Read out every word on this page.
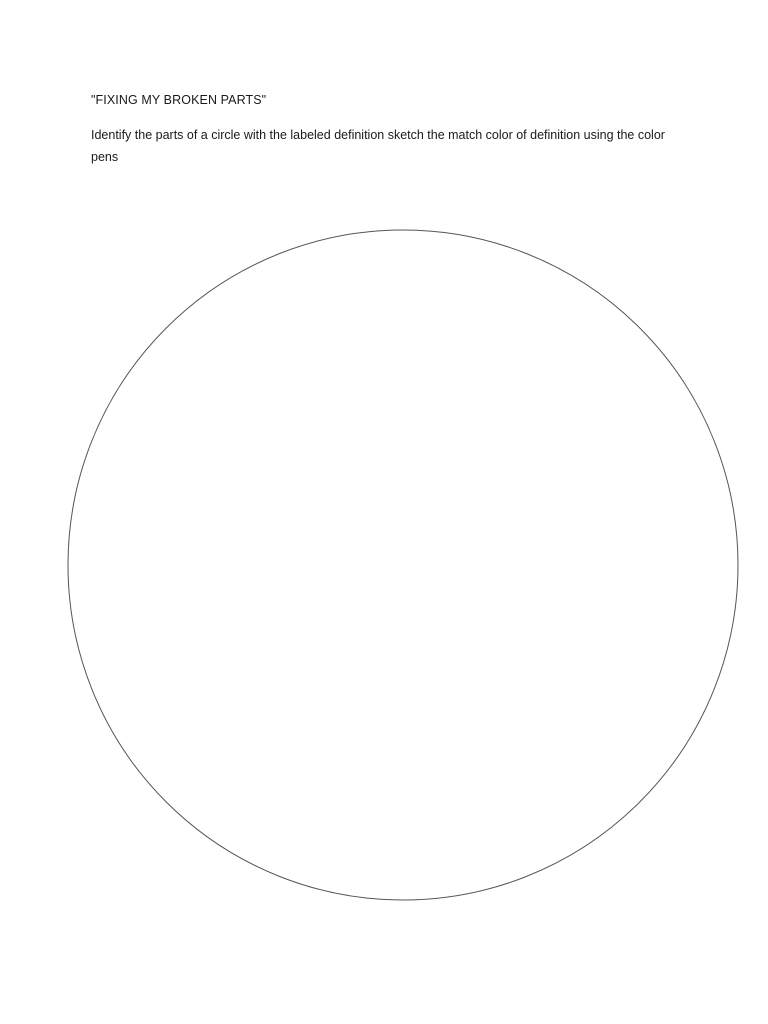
"FIXING MY BROKEN PARTS"
Identify the parts of a circle with the labeled definition sketch the match color of definition using the color pens
